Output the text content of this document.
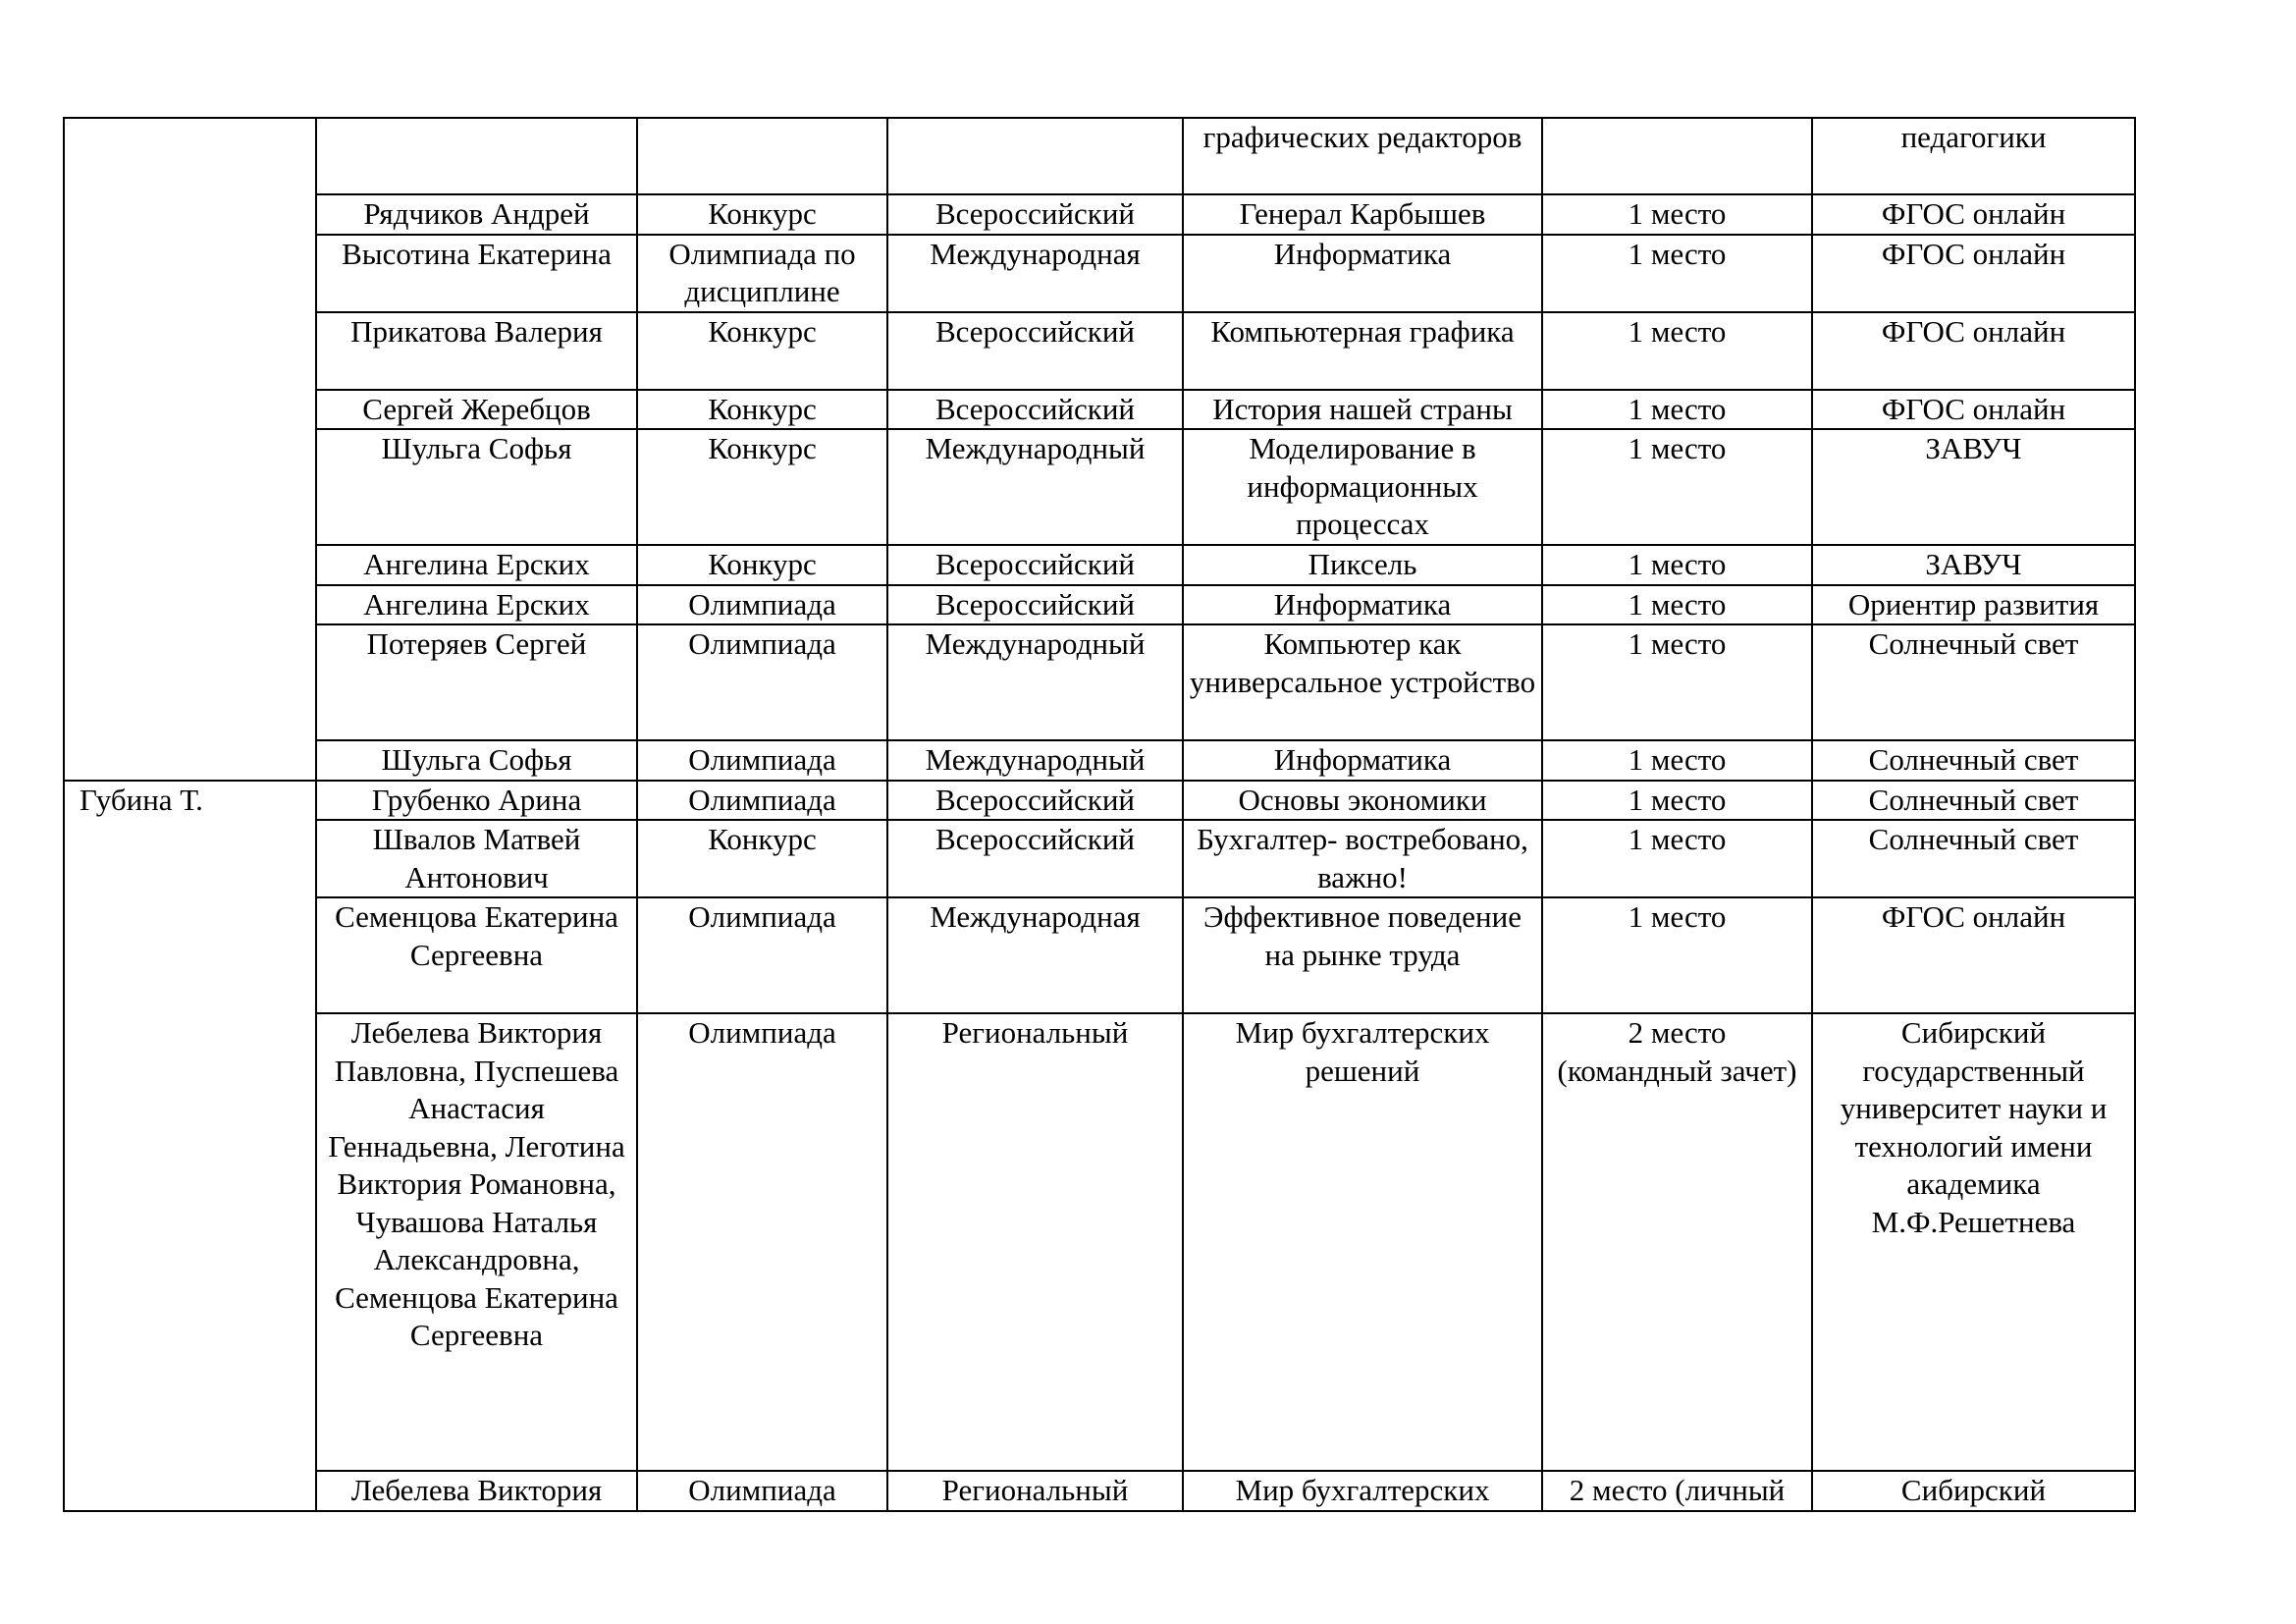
				графических редакторов		педагогики
	Рядчиков Андрей	Конкурс	Всероссийский	Генерал Карбышев	1 место	ФГОС онлайн
	Высотина Екатерина	Олимпиада по дисциплине	Международная	Информатика	1 место	ФГОС онлайн
	Прикатова Валерия	Конкурс	Всероссийский	Компьютерная графика	1 место	ФГОС онлайн
	Сергей Жеребцов	Конкурс	Всероссийский	История нашей страны	1 место	ФГОС онлайн
	Шульга Софья	Конкурс	Международный	Моделирование в информационных процессах	1 место	ЗАВУЧ
	Ангелина Ерских	Конкурс	Всероссийский	Пиксель	1 место	ЗАВУЧ
	Ангелина Ерских	Олимпиада	Всероссийский	Информатика	1 место	Ориентир развития
	Потеряев Сергей	Олимпиада	Международный	Компьютер как универсальное устройство	1 место	Солнечный свет
	Шульга Софья	Олимпиада	Международный	Информатика	1 место	Солнечный свет
Губина Т.	Грубенко Арина	Олимпиада	Всероссийский	Основы экономики	1 место	Солнечный свет
	Швалов Матвей Антонович	Конкурс	Всероссийский	Бухгалтер- востребовано, важно!	1 место	Солнечный свет
	Семенцова Екатерина Сергеевна	Олимпиада	Международная	Эффективное поведение на рынке труда	1 место	ФГОС онлайн
	Лебелева Виктория Павловна, Пуспешева Анастасия Геннадьевна, Леготина Виктория Романовна, Чувашова Наталья Александровна, Семенцова Екатерина Сергеевна	Олимпиада	Региональный	Мир бухгалтерских решений	2 место (командный зачет)	Сибирский государственный университет науки и технологий имени академика М.Ф.Решетнева
	Лебелева Виктория	Олимпиада	Региональный	Мир бухгалтерских	2 место (личный	Сибирский
